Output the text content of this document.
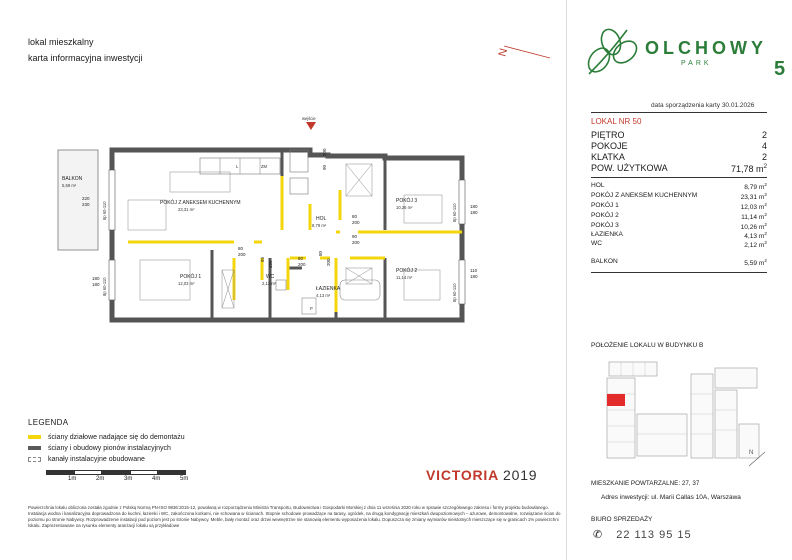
lokal mieszkalny
karta informacyjna inwestycji
N
wejście
BALKON
5,59 m²
POKÓJ Z ANEKSEM KUCHENNYM
23,31 m²
HOL
8,79 m²
POKÓJ 3
10,26 m²
POKÓJ 1
12,03 m²
WC
2,12 m²
ŁAZIENKA
4,13 m²
POKÓJ 2
11,14 m²
L	ZM
P
220
230
180
180
180
180
110
180
90
200
80
200
90
200
80
200
80
200
80
200
80
200
8p 60-110
8p 60-110
8p 60-110
8p 60-110
LEGENDA
ściany działowe nadające się do demontażu
ściany i obudowy pionów instalacyjnych
kanały instalacyjne obudowane
1m	2m	3m	4m	5m	VICTORIA 2019
Powierzchnia lokalu obliczona została zgodnie z Polską Normą PN-ISO 9836:2015-12, powołaną w rozporządzeniu Ministra Transportu, Budownictwa i Gospodarki Morskiej z dnia 11 września 2020 roku w sprawie szczegółowego zakresu i formy projektu budowlanego. Instalacja wodna i kanalizacyjna doprowadzona do kuchni, łazienki i WC, zakończona korkami, nie schowana w ścianach. Stopnie schodowe prowadzące na tarasy, ogródek, na drugą kondygnację mieszkań dwupoziomowych – ażurowe, demontowalne, rozwiązanie ścian do poziomu po stronie Nabywcy. Rozprowadzenie instalacji pod poziom jest po stronie Nabywcy. Meble, biały montaż oraz drzwi wewnętrzne nie stanowią elementu wyposażenia lokalu. Dopuszcza się zmiany wymiarów nieistotnych mieszczące się w granicach 1% powierzchni lokalu. Zaprezentowane na rysunku elementy aranżacji lokalu są przykładowe
OLCHOWY
PARK	5
data sporządzenia karty 30.01.2026
LOKAL NR 50
PIĘTRO	2
POKOJE	4
KLATKA	2
POW. UŻYTKOWA	71,78 $m^2$
HOL	8,79 $m^2$
POKÓJ Z ANEKSEM KUCHENNYM	23,31 $m^2$
POKÓJ 1	12,03 $m^2$
POKÓJ 2	11,14 $m^2$
POKÓJ 3	10,26 $m^2$
ŁAZIENKA	4,13 $m^2$
WC	2,12 $m^2$
BALKON	5,59 $m^2$
POŁOŻENIE LOKALU W BUDYNKU B
N
MIESZKANIE POWTARZALNE: 27, 37
Adres inwestycji: ul. Marii Callas 10A, Warszawa
BIURO SPRZEDAŻY
✆ 22 113 95 15
